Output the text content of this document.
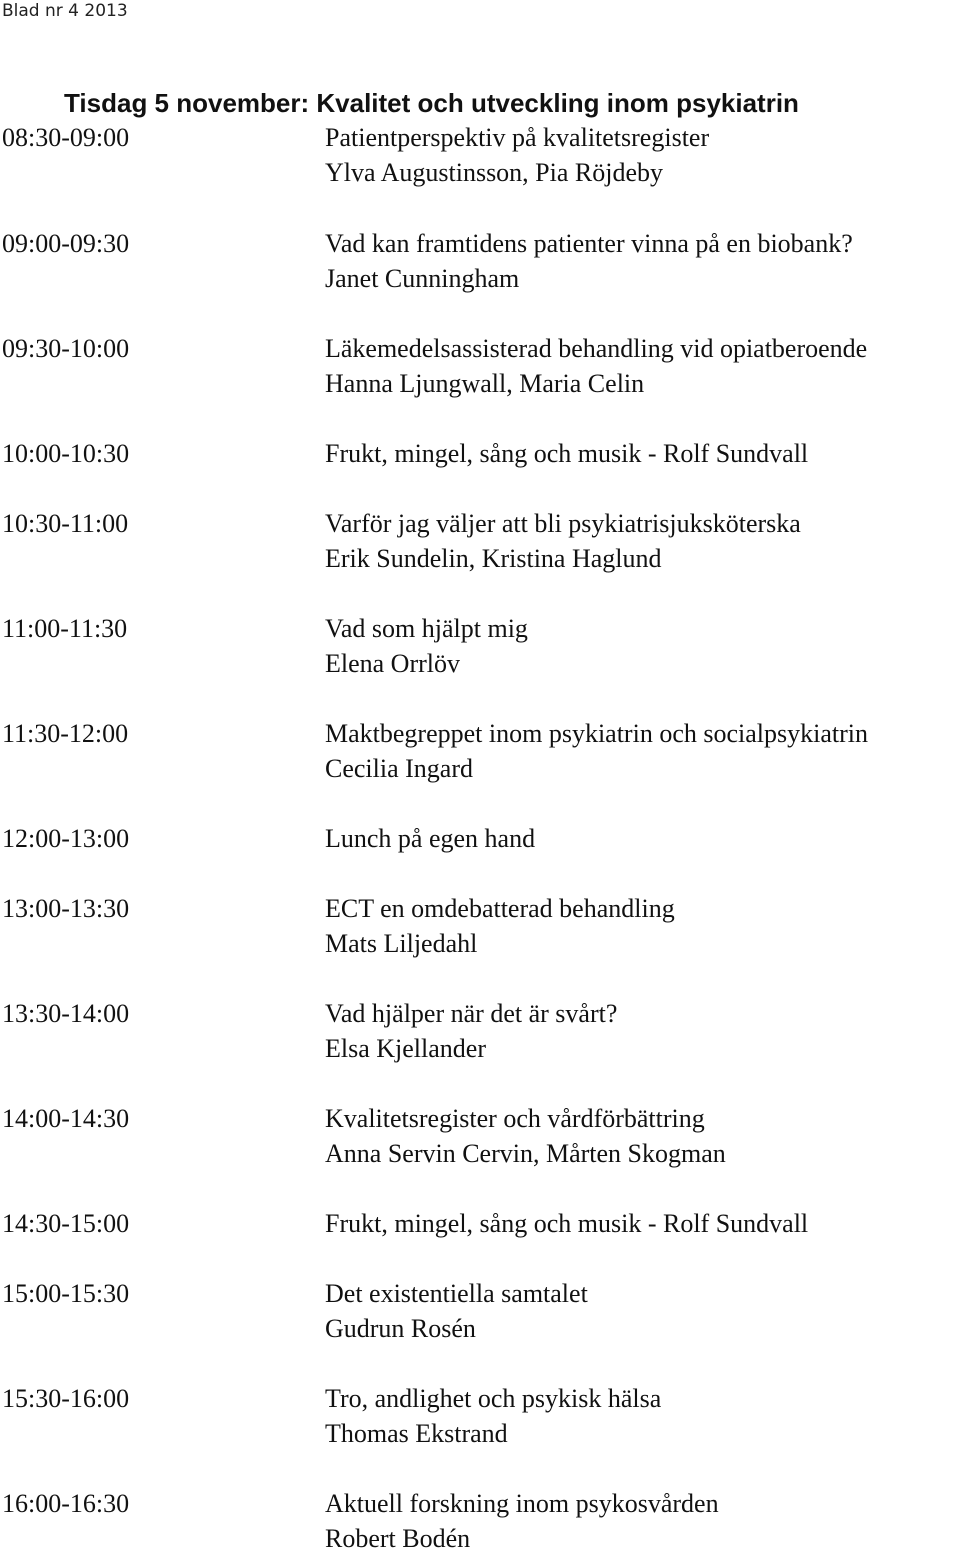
Blad nr 4 2013
Tisdag 5 november: Kvalitet och utveckling inom psykiatrin
08:30-09:00	Patientperspektiv på kvalitetsregister
Ylva Augustinsson, Pia Röjdeby
09:00-09:30	Vad kan framtidens patienter vinna på en biobank?
Janet Cunningham
09:30-10:00	Läkemedelsassisterad behandling vid opiatberoende
Hanna Ljungwall, Maria Celin
10:00-10:30	Frukt, mingel, sång och musik - Rolf Sundvall
10:30-11:00	Varför jag väljer att bli psykiatrisjuksköterska
Erik Sundelin, Kristina Haglund
11:00-11:30	Vad som hjälpt mig
Elena Orrlöv
11:30-12:00	Maktbegreppet inom psykiatrin och socialpsykiatrin
Cecilia Ingard
12:00-13:00	Lunch på egen hand
13:00-13:30	ECT en omdebatterad behandling
Mats Liljedahl
13:30-14:00	Vad hjälper när det är svårt?
Elsa Kjellander
14:00-14:30	Kvalitetsregister och vårdförbättring
Anna Servin Cervin, Mårten Skogman
14:30-15:00	Frukt, mingel, sång och musik - Rolf Sundvall
15:00-15:30	Det existentiella samtalet
Gudrun Rosén
15:30-16:00	Tro, andlighet och psykisk hälsa
Thomas Ekstrand
16:00-16:30	Aktuell forskning inom psykosvården
Robert Bodén
